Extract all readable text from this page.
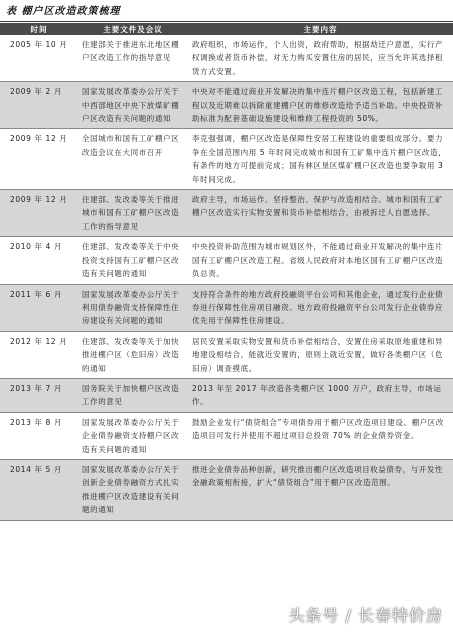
表 棚户区改造政策梳理
时间	主要文件及会议	主要内容
2005 年 10 月	住建部关于推进东北地区棚户区改造工作的指导意见	政府组织，市场运作，个人出资，政府帮助，根据劫迁户意愿，实行产权调换或者货币补偿，对无力购买安置住房的居民，应当允许其选择租赁方式安置。
2009 年 2 月	国家发展改革委办公厅关于中西部地区中央下放煤矿棚户区改造有关问题的通知	中央对不能通过商业开发解决的集中连片棚户区改造工程，包括新建工程以及近期难以拆除重建棚户区的维修改造给予适当补助。中央投资补助标准为配套基础设施建设和维修工程投资的 50%。
2009 年 12 月	全国城市和国有工矿棚户区改造会议在大同市召开	李克强强调，棚户区改造是保障性安居工程建设的重要组成部分。要力争在全国范围内用 5 年时间完成城市和国有工矿集中连片棚户区改造，有条件的地方可提前完成；国有林区垦区煤矿棚户区改造也要争取用 3 年时间完成。
2009 年 12 月	住建部、发改委等关于推进城市和国有工矿棚户区改造工作的指导意见	政府主导，市场运作。坚持整治、保护与改造相结合。城市和国有工矿棚户区改造实行实物安置和货币补偿相结合，由被拆迁人自愿选择。
2010 年 4 月	住建部、发改委等关于中央投资支持国有工矿棚户区改造有关问题的通知	中央投资补助范围为城市规划区外，不能通过商业开发解决的集中连片国有工矿棚户区改造工程。省级人民政府对本地区国有工矿棚户区改造负总责。
2011 年 6 月	国家发展改革委办公厅关于利用债券融资支持保障性住房建设有关问题的通知	支持符合条件的地方政府投融资平台公司和其他企业，通过发行企业债券进行保障性住房项目融资。地方政府投融资平台公司发行企业债券应优先用于保障性住房建设。
2012 年 12 月	住建部、发改委等关于加快推进棚户区（危旧房）改造的通知	居民安置采取实物安置和货币补偿相结合，安置住房采取原地重建和异地建设相结合，能就近安置的，原则上就近安置，做好各类棚户区（危旧房）调查摸底。
2013 年 7 月	国务院关于加快棚户区改造工作的意见	2013 年至 2017 年改造各类棚户区 1000 万户，政府主导，市场运作。
2013 年 8 月	国家发展改革委办公厅关于企业债券融资支持棚户区改造有关问题的通知	鼓励企业发行“债贷组合”专项债券用于棚户区改造项目建设。棚户区改造项目可发行并使用不超过项目总投资 70% 的企业债券资金。
2014 年 5 月	国家发展改革委办公厅关于创新企业债券融资方式扎实推进棚户区改造建设有关问题的通知	推进企业债券品种创新，研究推出棚户区改造项目收益债券，与开发性金融政策相衔接，扩大“债贷组合”用于棚户区改造范围。
头条号 / 长春特价房
